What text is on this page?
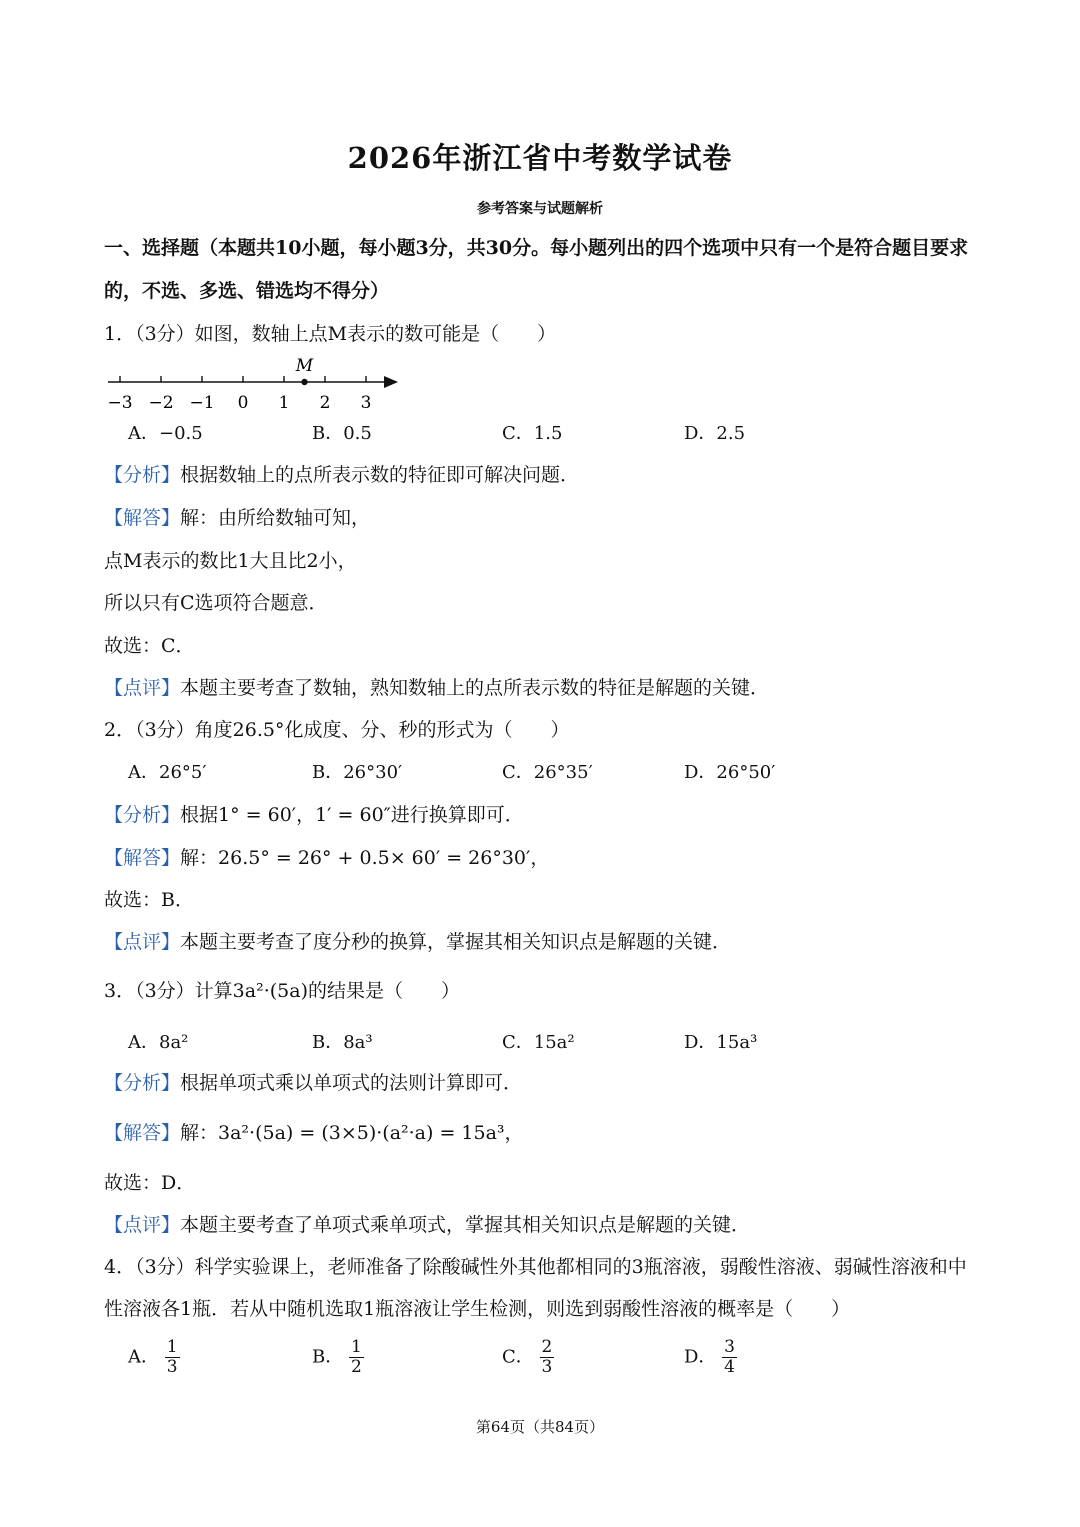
2026年浙江省中考数学试卷
参考答案与试题解析
一、选择题（本题共10小题，每小题3分，共30分。每小题列出的四个选项中只有一个是符合题目要求
的，不选、多选、错选均不得分）
1．（3分）如图，数轴上点M表示的数可能是（　　）
−3 −2 −1 0 1 2 3
M
A．−0.5	B．0.5	C．1.5	D．2.5
【分析】根据数轴上的点所表示数的特征即可解决问题．
【解答】解：由所给数轴可知，
点M表示的数比1大且比2小，
所以只有C选项符合题意．
故选：C．
【点评】本题主要考查了数轴，熟知数轴上的点所表示数的特征是解题的关键．
2．（3分）角度26.5°化成度、分、秒的形式为（　　）
A．26°5′	B．26°30′	C．26°35′	D．26°50′
【分析】根据1° = 60′，1′ = 60″进行换算即可．
【解答】解：26.5° = 26° + 0.5× 60′ = 26°30′，
故选：B．
【点评】本题主要考查了度分秒的换算，掌握其相关知识点是解题的关键．
3．（3分）计算3a²·(5a)的结果是（　　）
A．8a²	B．8a³	C．15a²	D．15a³
【分析】根据单项式乘以单项式的法则计算即可．
【解答】解：3a²·(5a) = (3×5)·(a²·a) = 15a³，
故选：D．
【点评】本题主要考查了单项式乘单项式，掌握其相关知识点是解题的关键．
4．（3分）科学实验课上，老师准备了除酸碱性外其他都相同的3瓶溶液，弱酸性溶液、弱碱性溶液和中
性溶液各1瓶．若从中随机选取1瓶溶液让学生检测，则选到弱酸性溶液的概率是（　　）
A． $\frac{1}{3}$	B． $\frac{1}{2}$	C． $\frac{2}{3}$	D． $\frac{3}{4}$
第64页（共84页）
